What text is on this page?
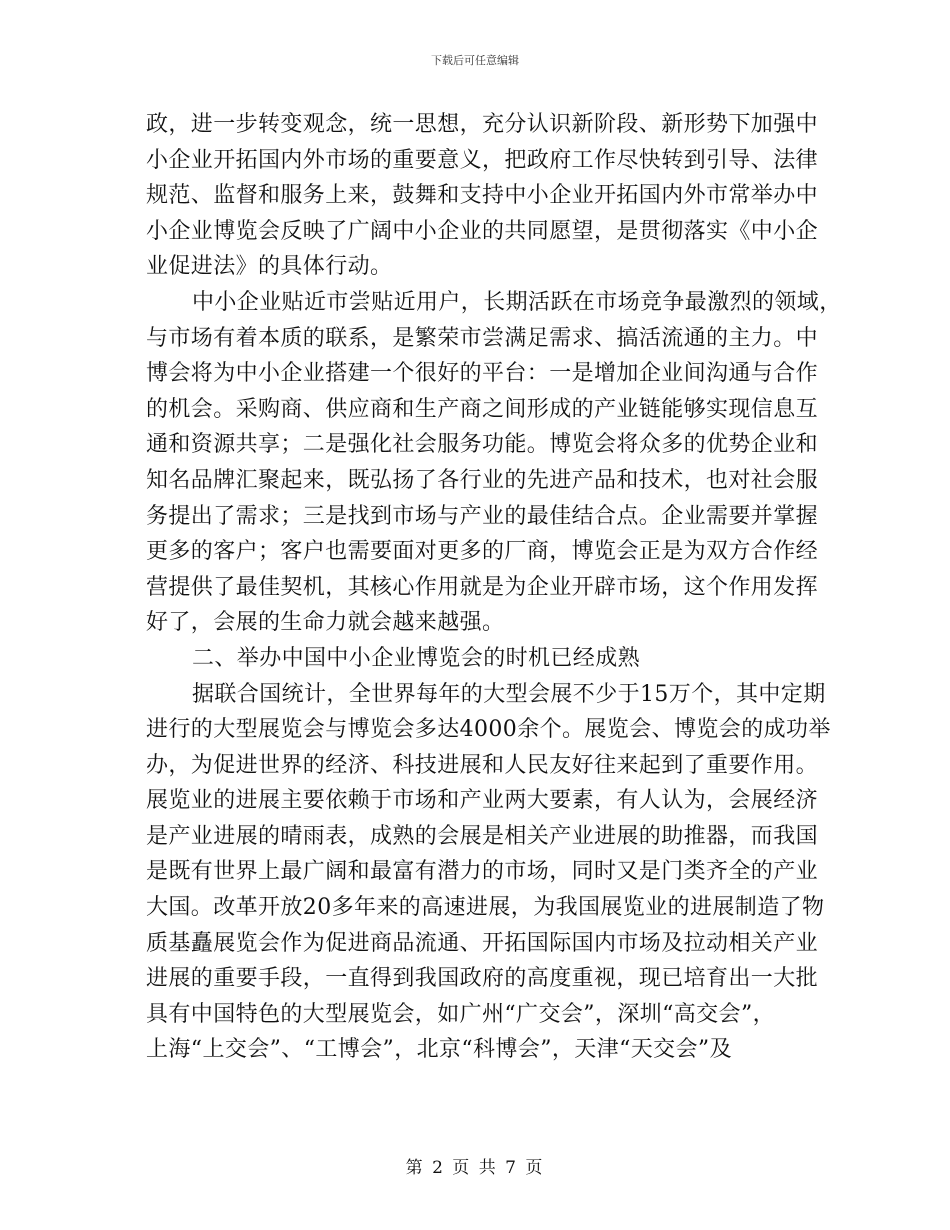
下载后可任意编辑
政，进一步转变观念，统一思想，充分认识新阶段、新形势下加强中
小企业开拓国内外市场的重要意义，把政府工作尽快转到引导、法律
规范、监督和服务上来，鼓舞和支持中小企业开拓国内外市常举办中
小企业博览会反映了广阔中小企业的共同愿望，是贯彻落实《中小企
业促进法》的具体行动。
中小企业贴近市尝贴近用户，长期活跃在市场竞争最激烈的领域，
与市场有着本质的联系，是繁荣市尝满足需求、搞活流通的主力。中
博会将为中小企业搭建一个很好的平台：一是增加企业间沟通与合作
的机会。采购商、供应商和生产商之间形成的产业链能够实现信息互
通和资源共享；二是强化社会服务功能。博览会将众多的优势企业和
知名品牌汇聚起来，既弘扬了各行业的先进产品和技术，也对社会服
务提出了需求；三是找到市场与产业的最佳结合点。企业需要并掌握
更多的客户；客户也需要面对更多的厂商，博览会正是为双方合作经
营提供了最佳契机，其核心作用就是为企业开辟市场，这个作用发挥
好了，会展的生命力就会越来越强。
二、举办中国中小企业博览会的时机已经成熟
据联合国统计，全世界每年的大型会展不少于15万个，其中定期
进行的大型展览会与博览会多达4000余个。展览会、博览会的成功举
办，为促进世界的经济、科技进展和人民友好往来起到了重要作用。
展览业的进展主要依赖于市场和产业两大要素，有人认为，会展经济
是产业进展的晴雨表，成熟的会展是相关产业进展的助推器，而我国
是既有世界上最广阔和最富有潜力的市场，同时又是门类齐全的产业
大国。改革开放20多年来的高速进展，为我国展览业的进展制造了物
质基矗展览会作为促进商品流通、开拓国际国内市场及拉动相关产业
进展的重要手段，一直得到我国政府的高度重视，现已培育出一大批
具有中国特色的大型展览会，如广州“广交会”，深圳“高交会”，
上海“上交会”、“工博会”，北京“科博会”，天津“天交会”及
第 2 页 共 7 页
